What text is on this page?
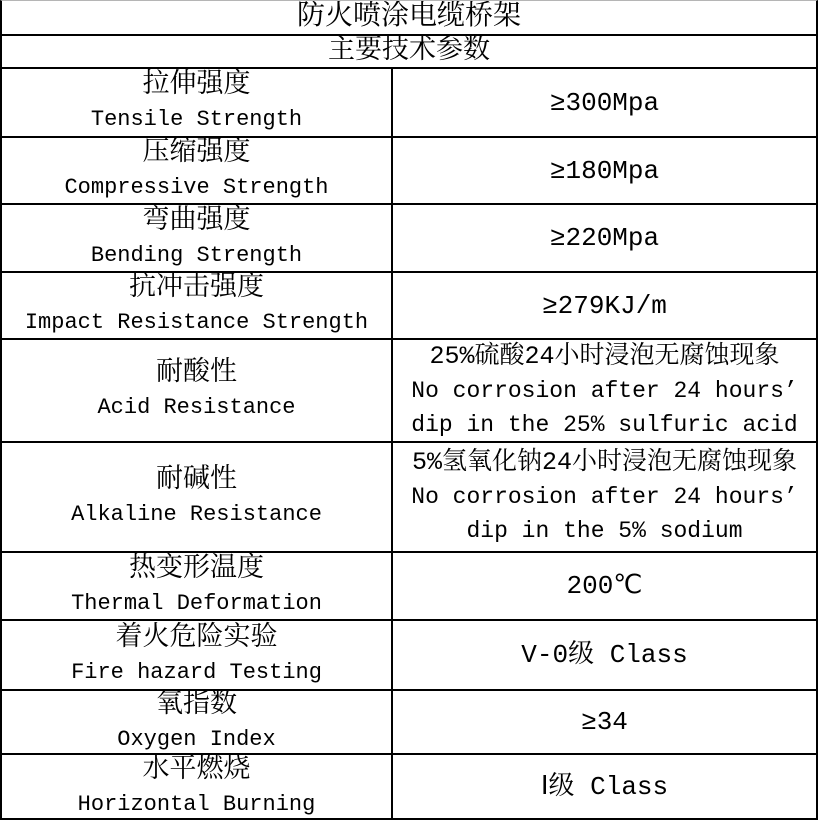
防火喷涂电缆桥架
主要技术参数
拉伸强度
Tensile Strength
≥300Mpa
压缩强度
Compressive Strength
≥180Mpa
弯曲强度
Bending Strength
≥220Mpa
抗冲击强度
Impact Resistance Strength
≥279KJ/m
耐酸性
Acid Resistance
25%硫酸24小时浸泡无腐蚀现象
No corrosion after 24 hours’
dip in the 25% sulfuric acid
耐碱性
Alkaline Resistance
5%氢氧化钠24小时浸泡无腐蚀现象
No corrosion after 24 hours’
dip in the 5% sodium
热变形温度
Thermal Deformation
200℃
着火危险实验
Fire hazard Testing
V-0级 Class
氧指数
Oxygen Index
≥34
水平燃烧
Horizontal Burning
Ⅰ级 Class
